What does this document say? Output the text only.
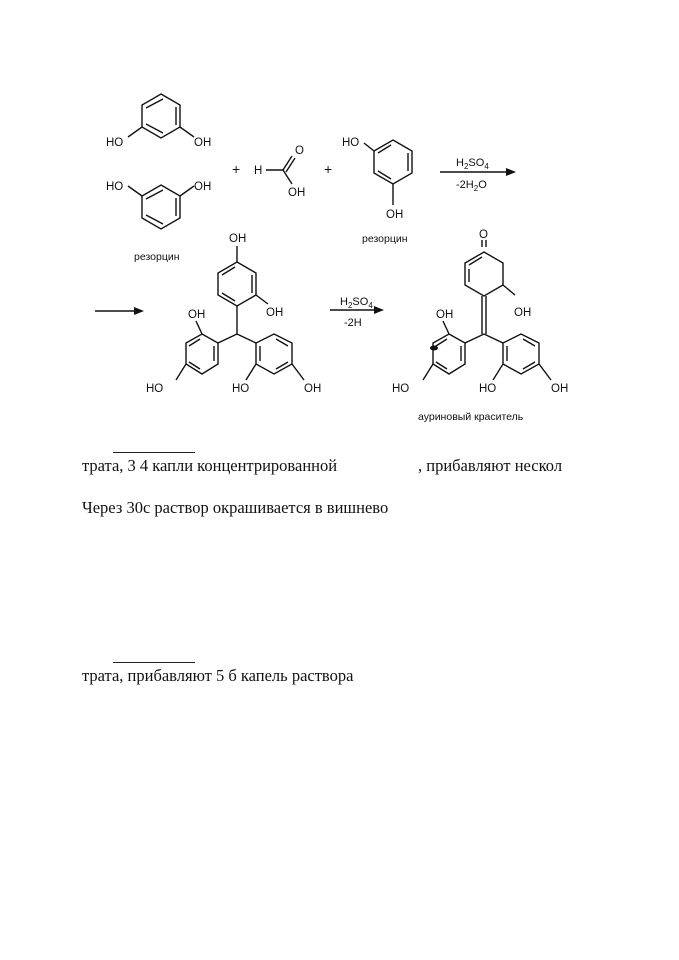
HO	OH
HO	OH
резорцин
+ H
O
OH
+
HO
OH
резорцин
$H_2SO_4$
$-2H_2O$
OH
OH
OH
HO	HO	OH
$H_2SO_4$
-2H
O
OH
OH
HO	HO	OH
ауриновый краситель
трата, 3 4 капли концентрированной	, прибавляют нескол
Через 30с раствор окрашивается в вишнево
трата, прибавляют 5 б капель раствора
